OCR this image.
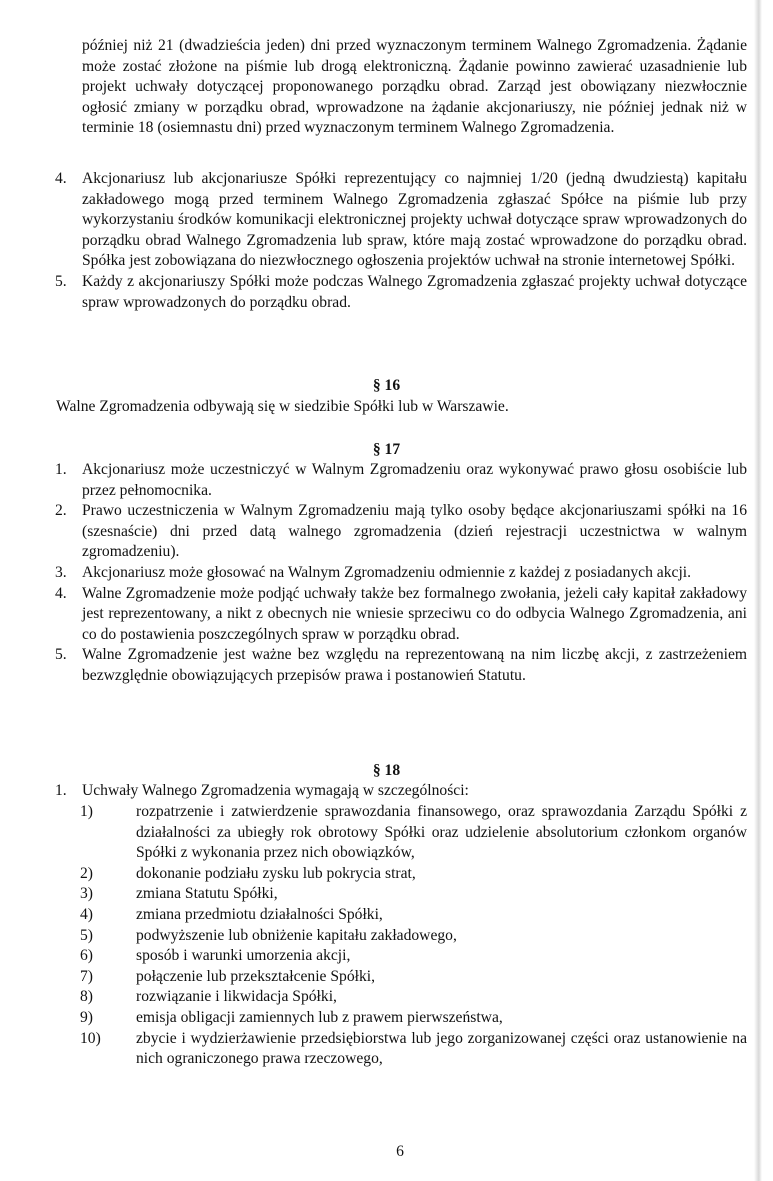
później niż 21 (dwadzieścia jeden) dni przed wyznaczonym terminem Walnego Zgromadzenia. Żądanie może zostać złożone na piśmie lub drogą elektroniczną. Żądanie powinno zawierać uzasadnienie lub projekt uchwały dotyczącej proponowanego porządku obrad. Zarząd jest obowiązany niezwłocznie ogłosić zmiany w porządku obrad, wprowadzone na żądanie akcjonariuszy, nie później jednak niż w terminie 18 (osiemnastu dni) przed wyznaczonym terminem Walnego Zgromadzenia.

4. Akcjonariusz lub akcjonariusze Spółki reprezentujący co najmniej 1/20 (jedną dwudziestą) kapitału zakładowego mogą przed terminem Walnego Zgromadzenia zgłaszać Spółce na piśmie lub przy wykorzystaniu środków komunikacji elektronicznej projekty uchwał dotyczące spraw wprowadzonych do porządku obrad Walnego Zgromadzenia lub spraw, które mają zostać wprowadzone do porządku obrad. Spółka jest zobowiązana do niezwłocznego ogłoszenia projektów uchwał na stronie internetowej Spółki.
5. Każdy z akcjonariuszy Spółki może podczas Walnego Zgromadzenia zgłaszać projekty uchwał dotyczące spraw wprowadzonych do porządku obrad.
§ 16

Walne Zgromadzenia odbywają się w siedzibie Spółki lub w Warszawie.

§ 17
1. Akcjonariusz może uczestniczyć w Walnym Zgromadzeniu oraz wykonywać prawo głosu osobiście lub przez pełnomocnika.
2. Prawo uczestniczenia w Walnym Zgromadzeniu mają tylko osoby będące akcjonariuszami spółki na 16 (szesnaście) dni przed datą walnego zgromadzenia (dzień rejestracji uczestnictwa w walnym zgromadzeniu).
3. Akcjonariusz może głosować na Walnym Zgromadzeniu odmiennie z każdej z posiadanych akcji.
4. Walne Zgromadzenie może podjąć uchwały także bez formalnego zwołania, jeżeli cały kapitał zakładowy jest reprezentowany, a nikt z obecnych nie wniesie sprzeciwu co do odbycia Walnego Zgromadzenia, ani co do postawienia poszczególnych spraw w porządku obrad.
5. Walne Zgromadzenie jest ważne bez względu na reprezentowaną na nim liczbę akcji, z zastrzeżeniem bezwzględnie obowiązujących przepisów prawa i postanowień Statutu.
§ 18
1. Uchwały Walnego Zgromadzenia wymagają w szczególności:
1)	rozpatrzenie i zatwierdzenie sprawozdania finansowego, oraz sprawozdania Zarządu Spółki z działalności za ubiegły rok obrotowy Spółki oraz udzielenie absolutorium członkom organów Spółki z wykonania przez nich obowiązków,
2)	dokonanie podziału zysku lub pokrycia strat,
3)	zmiana Statutu Spółki,
4)	zmiana przedmiotu działalności Spółki,
5)	podwyższenie lub obniżenie kapitału zakładowego,
6)	sposób i warunki umorzenia akcji,
7)	połączenie lub przekształcenie Spółki,
8)	rozwiązanie i likwidacja Spółki,
9)	emisja obligacji zamiennych lub z prawem pierwszeństwa,
10) zbycie i wydzierżawienie przedsiębiorstwa lub jego zorganizowanej części oraz ustanowienie na nich ograniczonego prawa rzeczowego,
6
